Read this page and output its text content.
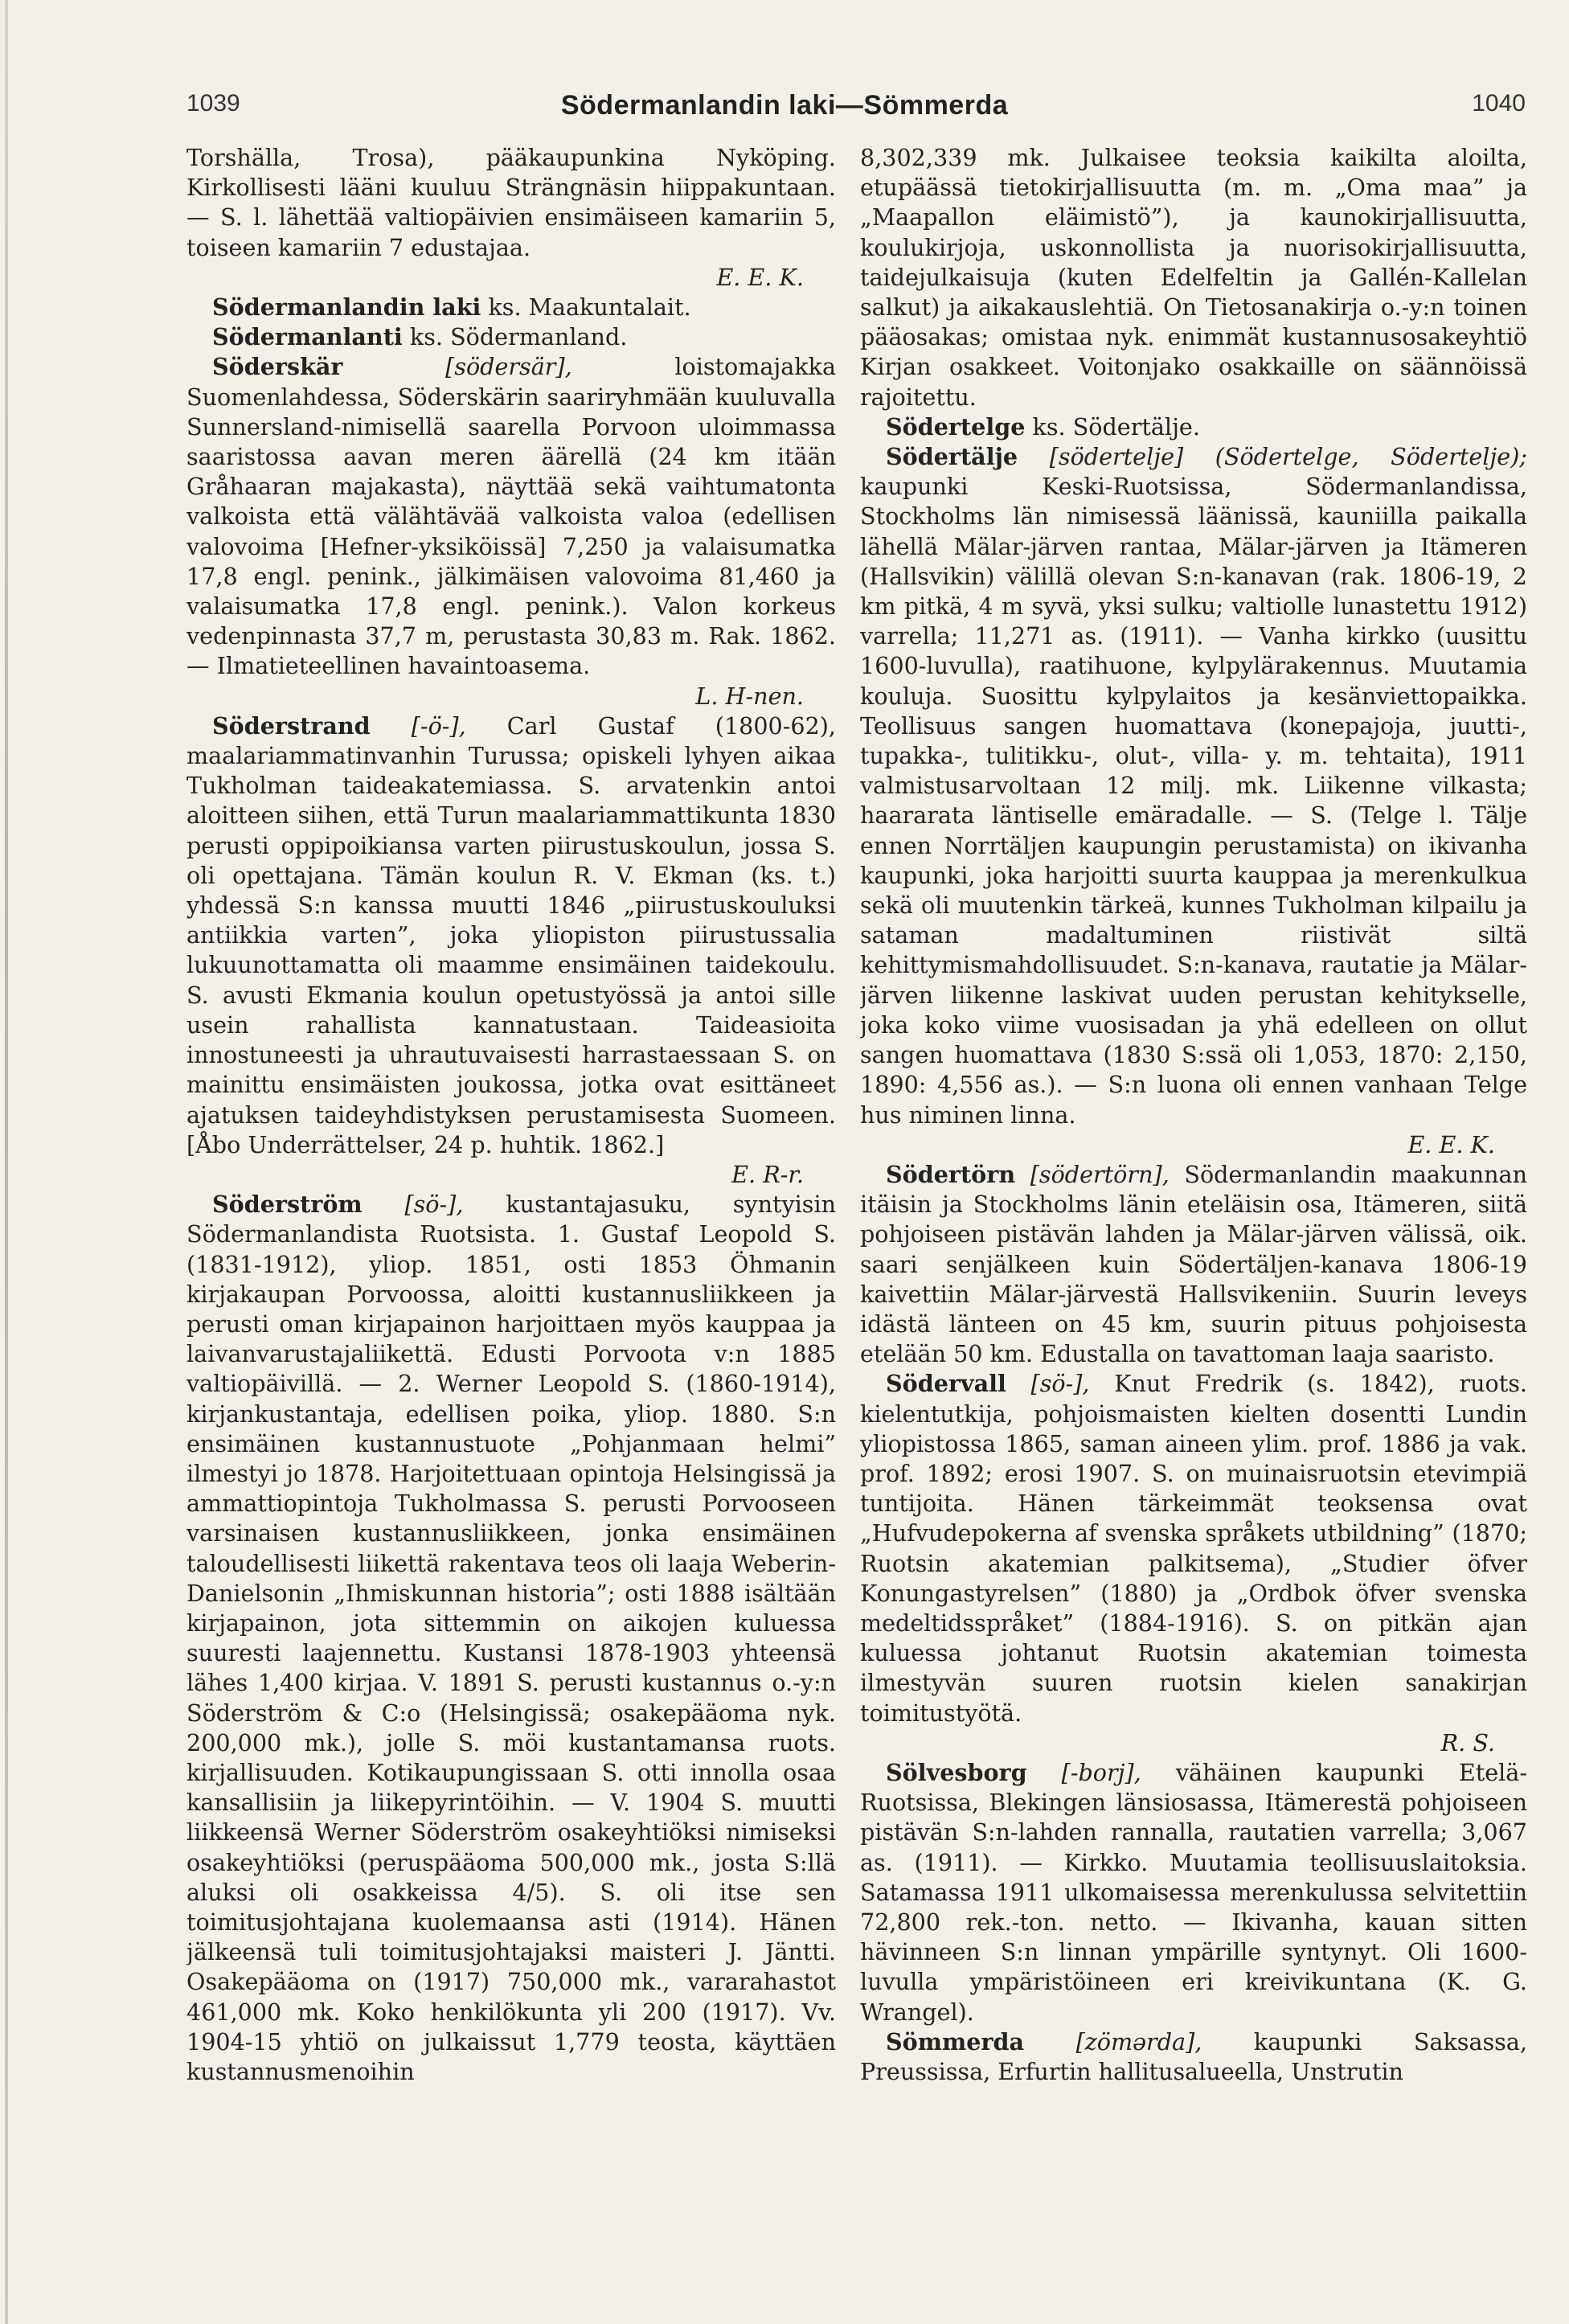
1039	Södermanlandin laki—Sömmerda	1040

Torshälla, Trosa), pääkaupunkina Nyköping. Kirkollisesti lääni kuuluu Strängnäsin hiippakuntaan. — S. l. lähettää valtiopäivien ensimäiseen kamariin 5, toiseen kamariin 7 edustajaa.
E. E. K.

Södermanlandin laki ks. Maakuntalait.

Södermanlanti ks. Södermanland.

Söderskär [södersär], loistomajakka Suomenlahdessa, Söderskärin saariryhmään kuuluvalla Sunnersland-nimisellä saarella Porvoon uloimmassa saaristossa aavan meren äärellä (24 km itään Gråhaaran majakasta), näyttää sekä vaihtumatonta valkoista että välähtävää valkoista valoa (edellisen valovoima [Hefner-yksiköissä] 7,250 ja valaisumatka 17,8 engl. penink., jälkimäisen valovoima 81,460 ja valaisumatka 17,8 engl. penink.). Valon korkeus vedenpinnasta 37,7 m, perustasta 30,83 m. Rak. 1862. — Ilmatieteellinen havaintoasema.
L. H-nen.

Söderstrand [-ö-], Carl Gustaf (1800-62), maalariammatinvanhin Turussa; opiskeli lyhyen aikaa Tukholman taideakatemiassa. S. arvatenkin antoi aloitteen siihen, että Turun maalariammattikunta 1830 perusti oppipoikiansa varten piirustuskoulun, jossa S. oli opettajana. Tämän koulun R. V. Ekman (ks. t.) yhdessä S:n kanssa muutti 1846 „piirustuskouluksi antiikkia varten”, joka yliopiston piirustussalia lukuunottamatta oli maamme ensimäinen taidekoulu. S. avusti Ekmania koulun opetustyössä ja antoi sille usein rahallista kannatustaan. Taideasioita innostuneesti ja uhrautuvaisesti harrastaessaan S. on mainittu ensimäisten joukossa, jotka ovat esittäneet ajatuksen taideyhdistyksen perustamisesta Suomeen. [Åbo Underrättelser, 24 p. huhtik. 1862.]
E. R-r.

Söderström [sö-], kustantajasuku, syntyisin Södermanlandista Ruotsista. 1. Gustaf Leopold S. (1831-1912), yliop. 1851, osti 1853 Öhmanin kirjakaupan Porvoossa, aloitti kustannusliikkeen ja perusti oman kirjapainon harjoittaen myös kauppaa ja laivanvarustajaliikettä. Edusti Porvoota v:n 1885 valtiopäivillä. — 2. Werner Leopold S. (1860-1914), kirjankustantaja, edellisen poika, yliop. 1880. S:n ensimäinen kustannustuote „Pohjanmaan helmi” ilmestyi jo 1878. Harjoitettuaan opintoja Helsingissä ja ammattiopintoja Tukholmassa S. perusti Porvooseen varsinaisen kustannusliikkeen, jonka ensimäinen taloudellisesti liikettä rakentava teos oli laaja Weberin-Danielsonin „Ihmiskunnan historia”; osti 1888 isältään kirjapainon, jota sittemmin on aikojen kuluessa suuresti laajennettu. Kustansi 1878-1903 yhteensä lähes 1,400 kirjaa. V. 1891 S. perusti kustannus o.-y:n Söderström & C:o (Helsingissä; osakepääoma nyk. 200,000 mk.), jolle S. möi kustantamansa ruots. kirjallisuuden. Kotikaupungissaan S. otti innolla osaa kansallisiin ja liikepyrintöihin. — V. 1904 S. muutti liikkeensä Werner Söderström osakeyhtiöksi nimiseksi osakeyhtiöksi (peruspääoma 500,000 mk., josta S:llä aluksi oli osakkeissa 4/5). S. oli itse sen toimitusjohtajana kuolemaansa asti (1914). Hänen jälkeensä tuli toimitusjohtajaksi maisteri J. Jäntti. Osakepääoma on (1917) 750,000 mk., vararahastot 461,000 mk. Koko henkilökunta yli 200 (1917). Vv. 1904-15 yhtiö on julkaissut 1,779 teosta, käyttäen kustannusmenoihin

8,302,339 mk. Julkaisee teoksia kaikilta aloilta, etupäässä tietokirjallisuutta (m. m. „Oma maa” ja „Maapallon eläimistö”), ja kaunokirjallisuutta, koulukirjoja, uskonnollista ja nuorisokirjallisuutta, taidejulkaisuja (kuten Edelfeltin ja Gallén-Kallelan salkut) ja aikakauslehtiä. On Tietosanakirja o.-y:n toinen pääosakas; omistaa nyk. enimmät kustannusosakeyhtiö Kirjan osakkeet. Voitonjako osakkaille on säännöissä rajoitettu.

Södertelge ks. Södertälje.

Södertälje [södertelje] (Södertelge, Södertelje); kaupunki Keski-Ruotsissa, Södermanlandissa, Stockholms län nimisessä läänissä, kauniilla paikalla lähellä Mälar-järven rantaa, Mälar-järven ja Itämeren (Hallsvikin) välillä olevan S:n-kanavan (rak. 1806-19, 2 km pitkä, 4 m syvä, yksi sulku; valtiolle lunastettu 1912) varrella; 11,271 as. (1911). — Vanha kirkko (uusittu 1600-luvulla), raatihuone, kylpylärakennus. Muutamia kouluja. Suosittu kylpylaitos ja kesänviettopaikka. Teollisuus sangen huomattava (konepajoja, juutti-, tupakka-, tulitikku-, olut-, villa- y. m. tehtaita), 1911 valmistusarvoltaan 12 milj. mk. Liikenne vilkasta; haararata läntiselle emäradalle. — S. (Telge l. Tälje ennen Norrtäljen kaupungin perustamista) on ikivanha kaupunki, joka harjoitti suurta kauppaa ja merenkulkua sekä oli muutenkin tärkeä, kunnes Tukholman kilpailu ja sataman madaltuminen riistivät siltä kehittymismahdollisuudet. S:n-kanava, rautatie ja Mälar-järven liikenne laskivat uuden perustan kehitykselle, joka koko viime vuosisadan ja yhä edelleen on ollut sangen huomattava (1830 S:ssä oli 1,053, 1870: 2,150, 1890: 4,556 as.). — S:n luona oli ennen vanhaan Telge hus niminen linna.
E. E. K.

Södertörn [södertörn], Södermanlandin maakunnan itäisin ja Stockholms länin eteläisin osa, Itämeren, siitä pohjoiseen pistävän lahden ja Mälar-järven välissä, oik. saari senjälkeen kuin Södertäljen-kanava 1806-19 kaivettiin Mälar-järvestä Hallsvikeniin. Suurin leveys idästä länteen on 45 km, suurin pituus pohjoisesta etelään 50 km. Edustalla on tavattoman laaja saaristo.

Södervall [sö-], Knut Fredrik (s. 1842), ruots. kielentutkija, pohjoismaisten kielten dosentti Lundin yliopistossa 1865, saman aineen ylim. prof. 1886 ja vak. prof. 1892; erosi 1907. S. on muinaisruotsin etevimpiä tuntijoita. Hänen tärkeimmät teoksensa ovat „Hufvudepokerna af svenska språkets utbildning” (1870; Ruotsin akatemian palkitsema), „Studier öfver Konungastyrelsen” (1880) ja „Ordbok öfver svenska medeltidsspråket” (1884-1916). S. on pitkän ajan kuluessa johtanut Ruotsin akatemian toimesta ilmestyvän suuren ruotsin kielen sanakirjan toimitustyötä.
R. S.

Sölvesborg [-borj], vähäinen kaupunki Etelä-Ruotsissa, Blekingen länsiosassa, Itämerestä pohjoiseen pistävän S:n-lahden rannalla, rautatien varrella; 3,067 as. (1911). — Kirkko. Muutamia teollisuuslaitoksia. Satamassa 1911 ulkomaisessa merenkulussa selvitettiin 72,800 rek.-ton. netto. — Ikivanha, kauan sitten hävinneen S:n linnan ympärille syntynyt. Oli 1600-luvulla ympäristöineen eri kreivikuntana (K. G. Wrangel).

Sömmerda [zömərda], kaupunki Saksassa, Preussissa, Erfurtin hallitusalueella, Unstrutin
